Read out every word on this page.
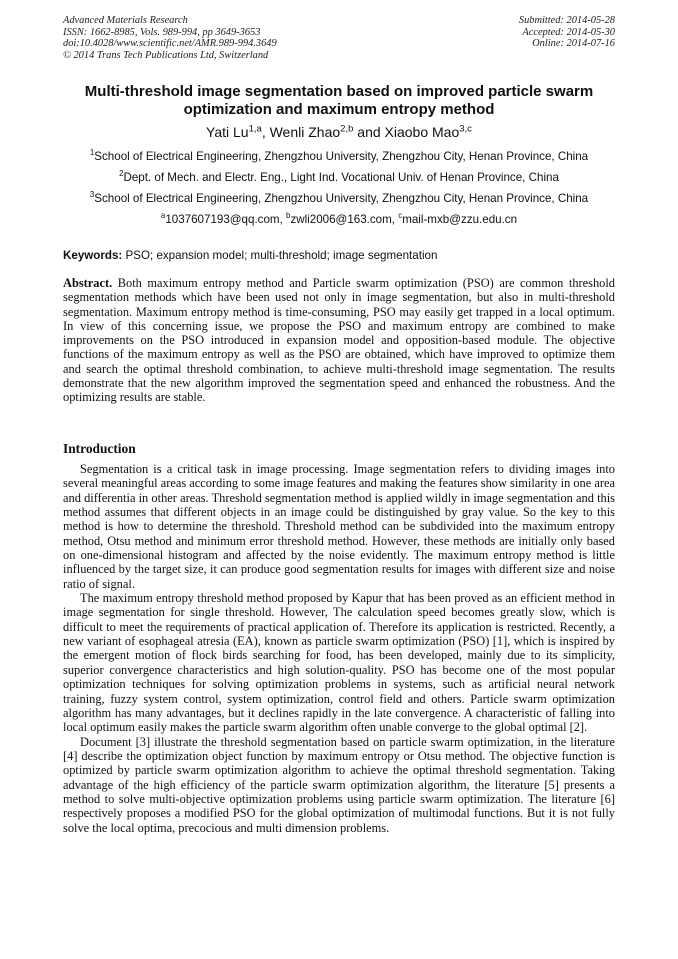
Advanced Materials Research
ISSN: 1662-8985, Vols. 989-994, pp 3649-3653
doi:10.4028/www.scientific.net/AMR.989-994.3649
© 2014 Trans Tech Publications Ltd, Switzerland
Submitted: 2014-05-28
Accepted: 2014-05-30
Online: 2014-07-16
Multi-threshold image segmentation based on improved particle swarm
optimization and maximum entropy method
Yati Lu$^{1,a}$, Wenli Zhao$^{2,b}$ and Xiaobo Mao$^{3,c}$
$^1$School of Electrical Engineering, Zhengzhou University, Zhengzhou City, Henan Province, China
$^2$Dept. of Mech. and Electr. Eng., Light Ind. Vocational Univ. of Henan Province, China
$^3$School of Electrical Engineering, Zhengzhou University, Zhengzhou City, Henan Province, China
$^a$1037607193@qq.com, $^b$zwli2006@163.com, $^c$mail-mxb@zzu.edu.cn
Keywords: PSO; expansion model; multi-threshold; image segmentation
Abstract. Both maximum entropy method and Particle swarm optimization (PSO) are common threshold segmentation methods which have been used not only in image segmentation, but also in multi-threshold segmentation. Maximum entropy method is time-consuming, PSO may easily get trapped in a local optimum. In view of this concerning issue, we propose the PSO and maximum entropy are combined to make improvements on the PSO introduced in expansion model and opposition-based module. The objective functions of the maximum entropy as well as the PSO are obtained, which have improved to optimize them and search the optimal threshold combination, to achieve multi-threshold image segmentation. The results demonstrate that the new algorithm improved the segmentation speed and enhanced the robustness. And the optimizing results are stable.
Introduction

Segmentation is a critical task in image processing. Image segmentation refers to dividing images into several meaningful areas according to some image features and making the features show similarity in one area and differentia in other areas. Threshold segmentation method is applied wildly in image segmentation and this method assumes that different objects in an image could be distinguished by gray value. So the key to this method is how to determine the threshold. Threshold method can be subdivided into the maximum entropy method, Otsu method and minimum error threshold method. However, these methods are initially only based on one-dimensional histogram and affected by the noise evidently. The maximum entropy method is little influenced by the target size, it can produce good segmentation results for images with different size and noise ratio of signal.

The maximum entropy threshold method proposed by Kapur that has been proved as an efficient method in image segmentation for single threshold. However, The calculation speed becomes greatly slow, which is difficult to meet the requirements of practical application of. Therefore its application is restricted. Recently, a new variant of esophageal atresia (EA), known as particle swarm optimization (PSO) [1], which is inspired by the emergent motion of flock birds searching for food, has been developed, mainly due to its simplicity, superior convergence characteristics and high solution-quality. PSO has become one of the most popular optimization techniques for solving optimization problems in systems, such as artificial neural network training, fuzzy system control, system optimization, control field and others. Particle swarm optimization algorithm has many advantages, but it declines rapidly in the late convergence. A characteristic of falling into local optimum easily makes the particle swarm algorithm often unable converge to the global optimal [2].

Document [3] illustrate the threshold segmentation based on particle swarm optimization, in the literature [4] describe the optimization object function by maximum entropy or Otsu method. The objective function is optimized by particle swarm optimization algorithm to achieve the optimal threshold segmentation. Taking advantage of the high efficiency of the particle swarm optimization algorithm, the literature [5] presents a method to solve multi-objective optimization problems using particle swarm optimization. The literature [6] respectively proposes a modified PSO for the global optimization of multimodal functions. But it is not fully solve the local optima, precocious and multi dimension problems.
